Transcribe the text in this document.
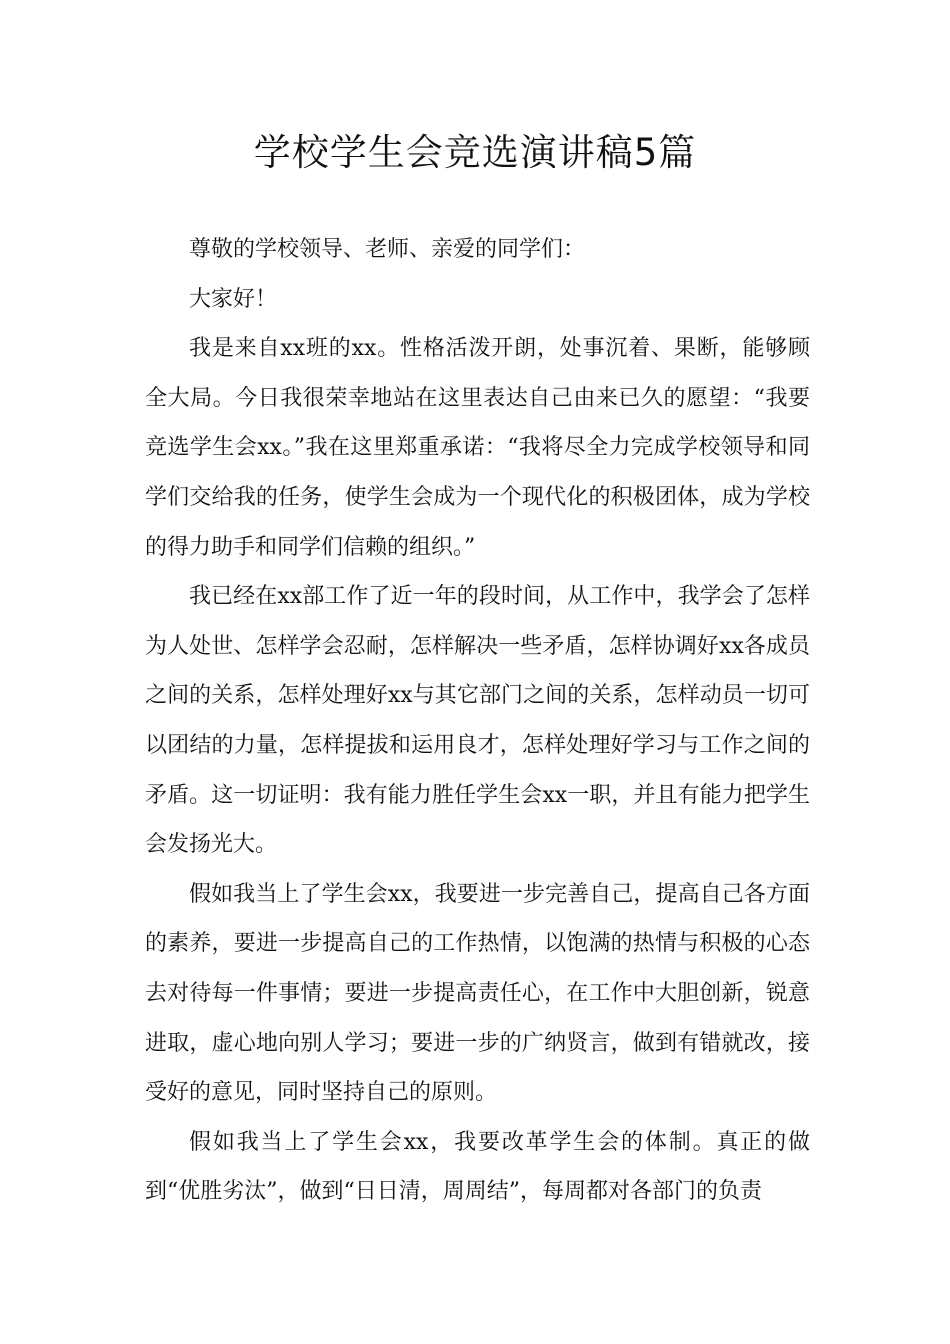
学校学生会竞选演讲稿5篇

尊敬的学校领导、老师、亲爱的同学们：

大家好！

我是来自xx班的xx。性格活泼开朗，处事沉着、果断，能够顾全大局。今日我很荣幸地站在这里表达自己由来已久的愿望：“我要竞选学生会xx。”我在这里郑重承诺：“我将尽全力完成学校领导和同学们交给我的任务，使学生会成为一个现代化的积极团体，成为学校的得力助手和同学们信赖的组织。”

我已经在xx部工作了近一年的段时间，从工作中，我学会了怎样为人处世、怎样学会忍耐，怎样解决一些矛盾，怎样协调好xx各成员之间的关系，怎样处理好xx与其它部门之间的关系，怎样动员一切可以团结的力量，怎样提拔和运用良才，怎样处理好学习与工作之间的矛盾。这一切证明：我有能力胜任学生会xx一职，并且有能力把学生会发扬光大。

假如我当上了学生会xx，我要进一步完善自己，提高自己各方面的素养，要进一步提高自己的工作热情，以饱满的热情与积极的心态去对待每一件事情；要进一步提高责任心，在工作中大胆创新，锐意进取，虚心地向别人学习；要进一步的广纳贤言，做到有错就改，接受好的意见，同时坚持自己的原则。

假如我当上了学生会xx，我要改革学生会的体制。真正的做到“优胜劣汰”，做到“日日清，周周结”，每周都对各部门的负责
